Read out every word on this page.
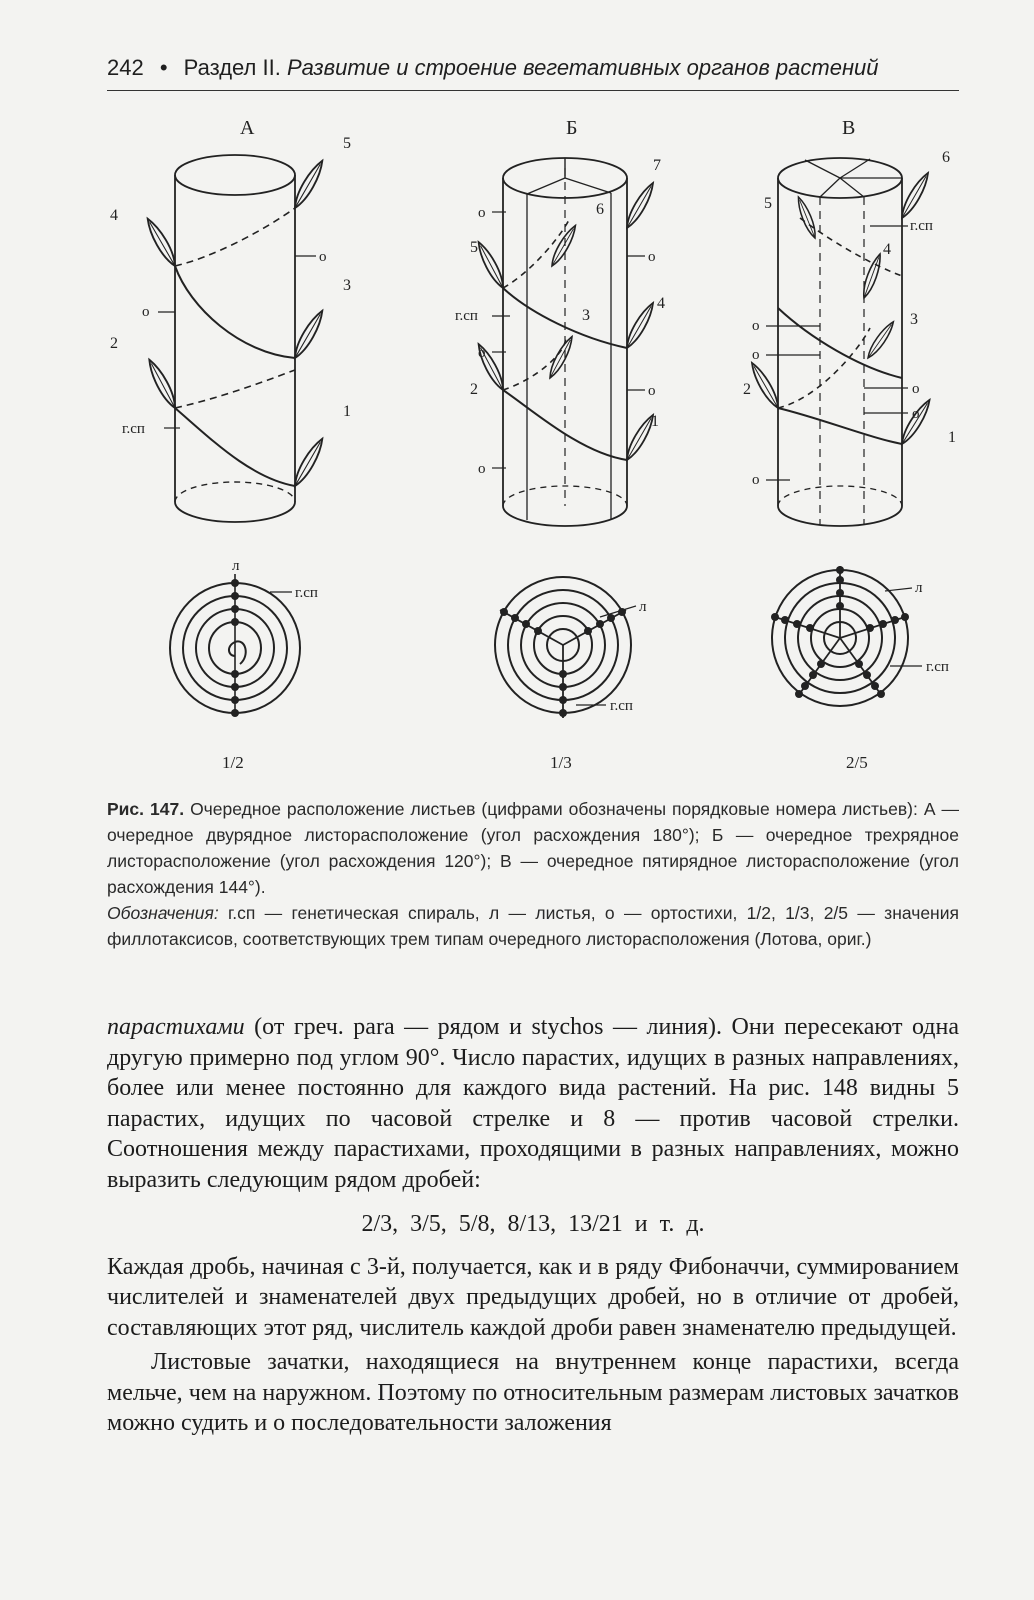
242 • Раздел II. Развитие и строение вегетативных органов растений
А
1
2
3
4
5
о
о
г.сп
Б
1
2
3
4
5
6
7
о
о
г.сп
о
о
о
В
1
2
3
4
5
6
г.сп
о
о
о
о
о
л
г.сп
1/2
л
г.сп
1/3
л
г.сп
2/5

Рис. 147. Очередное расположение листьев (цифрами обозначены порядковые номера листьев): А — очередное двурядное листорасположение (угол расхождения 180°); Б — очередное трехрядное листорасположение (угол расхождения 120°); В — очередное пятирядное листорасположение (угол расхождения 144°).

Обозначения: г.сп — генетическая спираль, л — листья, о — ортостихи, 1/2, 1/3, 2/5 — значения филлотаксисов, соответствующих трем типам очередного листорасположения (Лотова, ориг.)

парастихами (от греч. para — рядом и stychos — линия). Они пересекают одна другую примерно под углом 90°. Число парастих, идущих в разных направлениях, более или менее постоянно для каждого вида растений. На рис. 148 видны 5 парастих, идущих по часовой стрелке и 8 — против часовой стрелки. Соотношения между парастихами, проходящими в разных направлениях, можно выразить следующим рядом дробей:

2/3, 3/5, 5/8, 8/13, 13/21 и т. д.

Каждая дробь, начиная с 3-й, получается, как и в ряду Фибоначчи, суммированием числителей и знаменателей двух предыдущих дробей, но в отличие от дробей, составляющих этот ряд, числитель каждой дроби равен знаменателю предыдущей.

Листовые зачатки, находящиеся на внутреннем конце парастихи, всегда мельче, чем на наружном. Поэтому по относительным размерам листовых зачатков можно судить и о последовательности заложения
